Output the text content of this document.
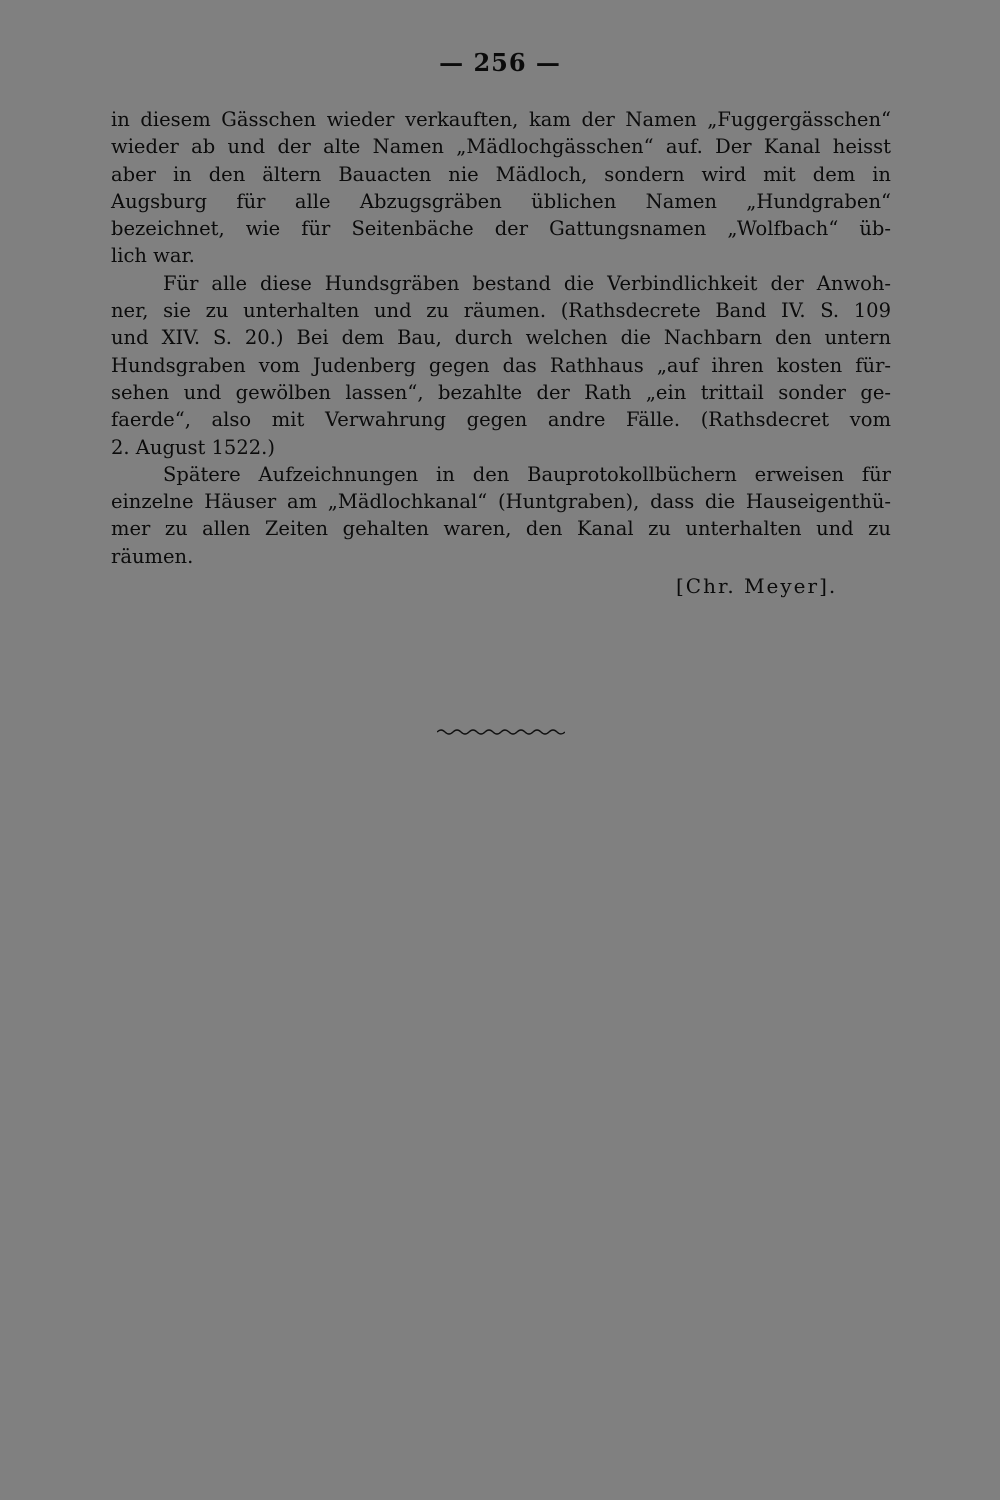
— 256 —
in diesem Gässchen wieder verkauften, kam der Namen „Fuggergässchen“
wieder ab und der alte Namen „Mädlochgässchen“ auf. Der Kanal heisst
aber in den ältern Bauacten nie Mädloch, sondern wird mit dem in
Augsburg für alle Abzugsgräben üblichen Namen „Hundgraben“
bezeichnet, wie für Seitenbäche der Gattungsnamen „Wolfbach“ üb-
lich war.
Für alle diese Hundsgräben bestand die Verbindlichkeit der Anwoh-
ner, sie zu unterhalten und zu räumen. (Rathsdecrete Band IV. S. 109
und XIV. S. 20.) Bei dem Bau, durch welchen die Nachbarn den untern
Hundsgraben vom Judenberg gegen das Rathhaus „auf ihren kosten für-
sehen und gewölben lassen“, bezahlte der Rath „ein trittail sonder ge-
faerde“, also mit Verwahrung gegen andre Fälle. (Rathsdecret vom
2. August 1522.)
Spätere Aufzeichnungen in den Bauprotokollbüchern erweisen für
einzelne Häuser am „Mädlochkanal“ (Huntgraben), dass die Hauseigenthü-
mer zu allen Zeiten gehalten waren, den Kanal zu unterhalten und zu
räumen.
[Chr. Meyer].
